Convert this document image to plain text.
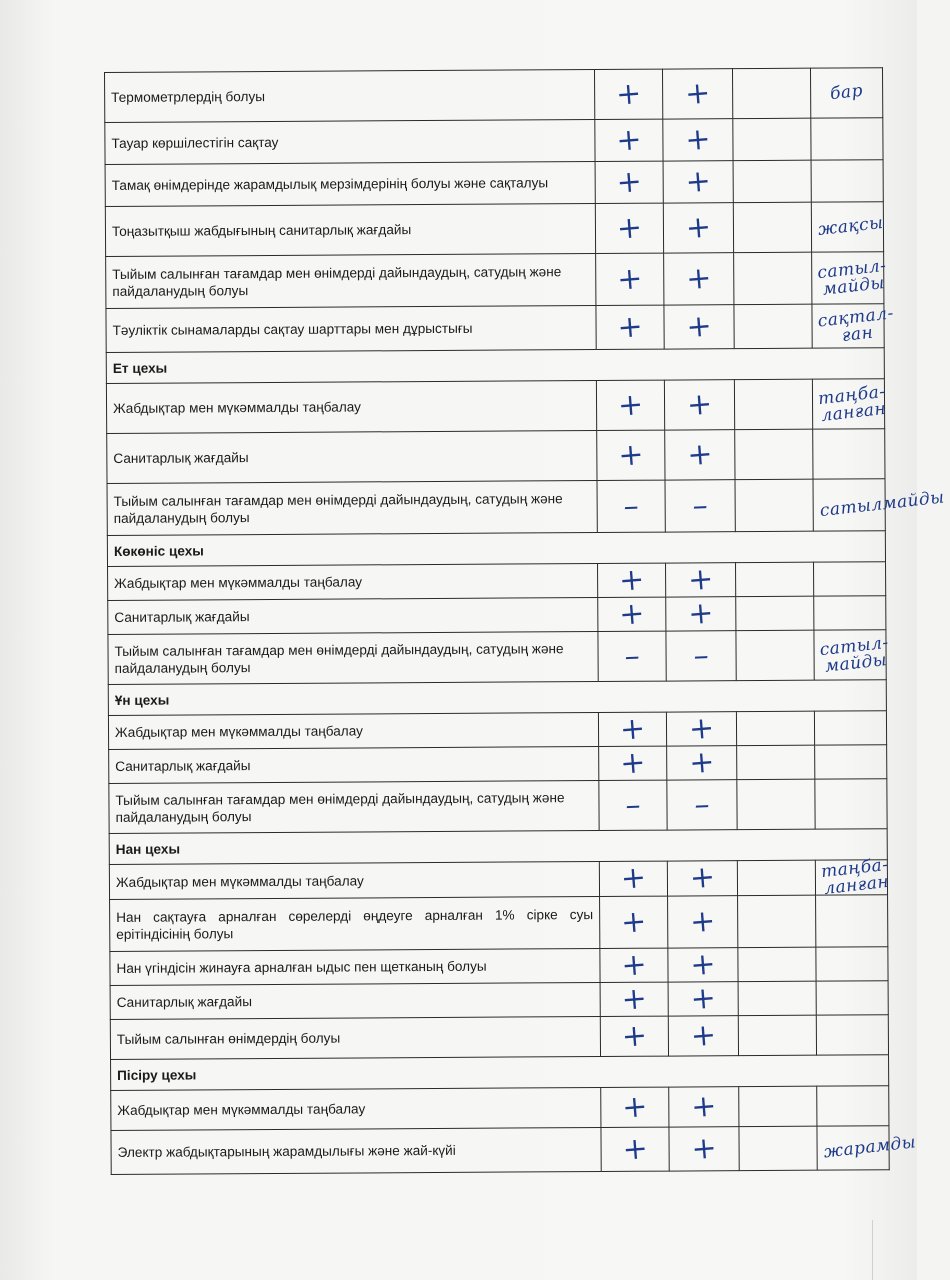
Термометрлердің болуы	+	+		бар
Тауар көршілестігін сақтау	+	+		
Тамақ өнімдерінде жарамдылық мерзімдерінің болуы және сақталуы	+	+		
Тоңазытқыш жабдығының санитарлық жағдайы	+	+		жақсы
Тыйым салынған тағамдар мен өнімдерді дайындаудың, сатудың және пайдаланудың болуы	+	+		сатыл-майды
Тәуліктік сынамаларды сақтау шарттары мен дұрыстығы	+	+		сақтал-ған
Ет цехы				
Жабдықтар мен мүкәммалды таңбалау	+	+		таңба-ланған
Санитарлық жағдайы	+	+		
Тыйым салынған тағамдар мен өнімдерді дайындаудың, сатудың және пайдаланудың болуы	–	–		сатылмайды
Көкөніс цехы				
Жабдықтар мен мүкәммалды таңбалау	+	+		
Санитарлық жағдайы	+	+		
Тыйым салынған тағамдар мен өнімдерді дайындаудың, сатудың және пайдаланудың болуы	–	–		сатыл-майды
Ұн цехы				
Жабдықтар мен мүкәммалды таңбалау	+	+		
Санитарлық жағдайы	+	+		
Тыйым салынған тағамдар мен өнімдерді дайындаудың, сатудың және пайдаланудың болуы	–	–		
Нан цехы				
Жабдықтар мен мүкәммалды таңбалау	+	+		таңба-ланған
Нан сақтауға арналған сөрелерді өңдеуге арналған 1% сірке суы ерітіндісінің болуы	+	+		
Нан үгіндісін жинауға арналған ыдыс пен щетканың болуы	+	+		
Санитарлық жағдайы	+	+		
Тыйым салынған өнімдердің болуы	+	+		
Пісіру цехы				
Жабдықтар мен мүкәммалды таңбалау	+	+		
Электр жабдықтарының жарамдылығы және жай-күйі	+	+		жарамды
